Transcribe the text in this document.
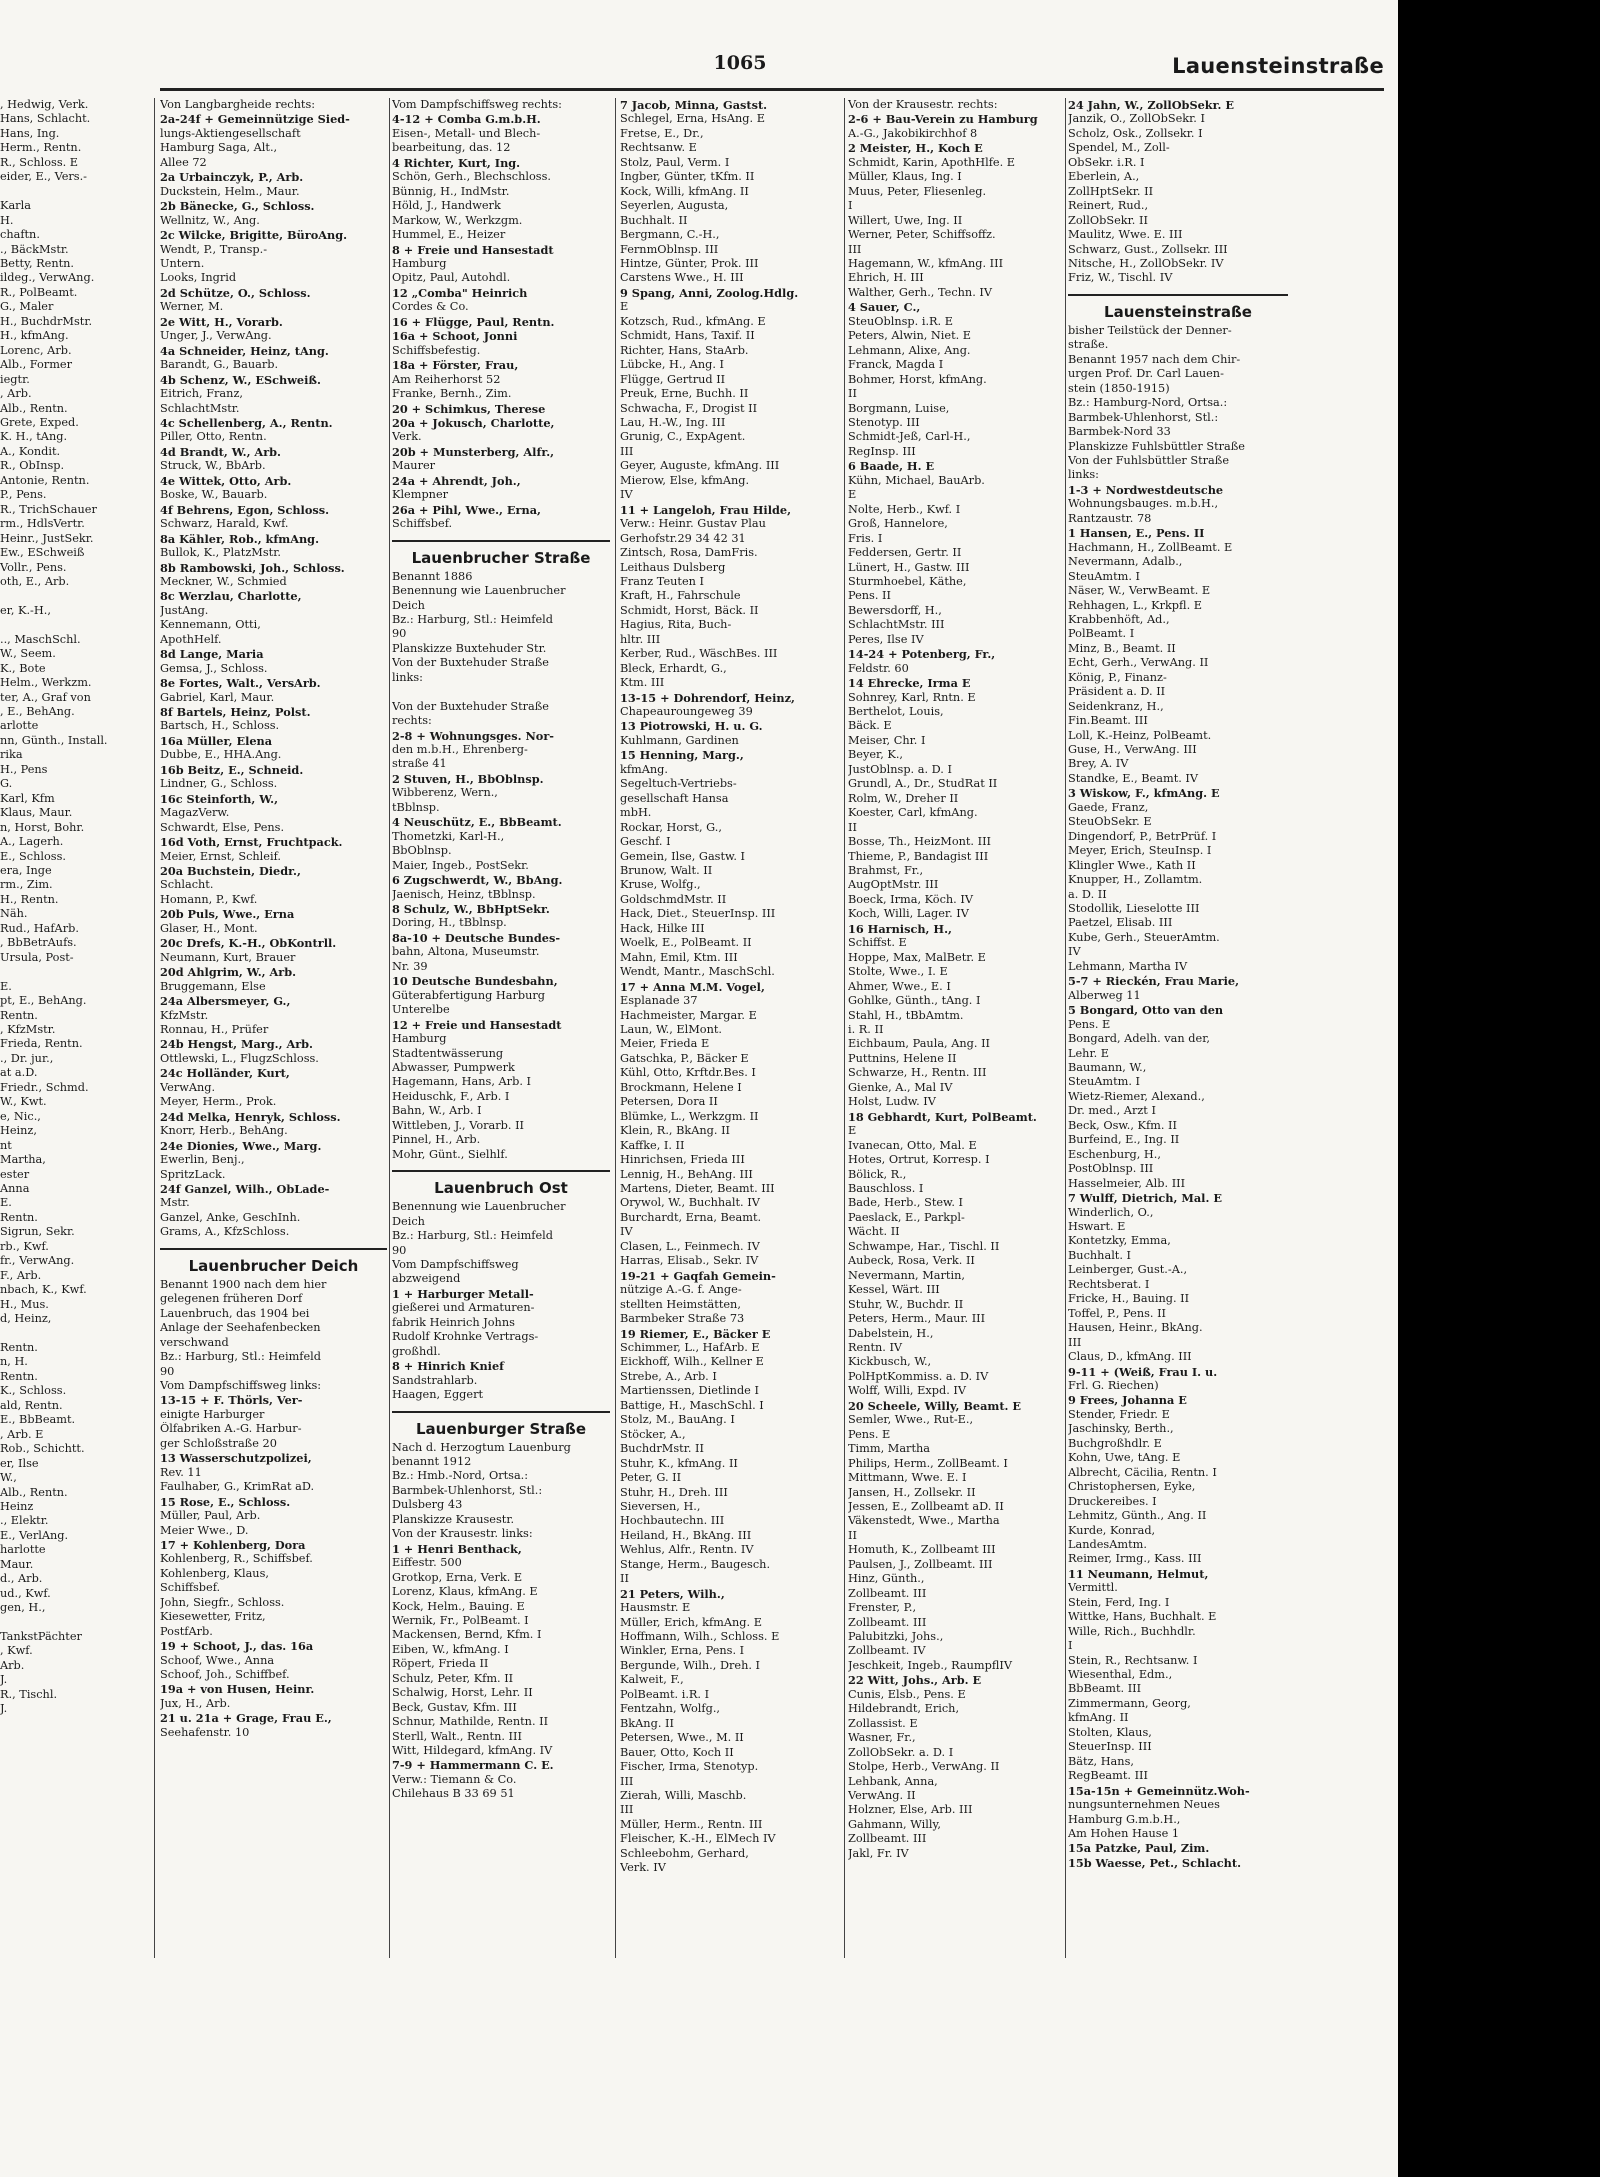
1065	Lauensteinstraße
, Hedwig, Verk.
Hans, Schlacht.
Hans, Ing.
Herm., Rentn.
R., Schloss. E
eider, E., Vers.-

Karla
H.
chaftn.
., BäckMstr.
Betty, Rentn.
ildeg., VerwAng.
R., PolBeamt.
G., Maler
H., BuchdrMstr.
H., kfmAng.
Lorenc, Arb.
Alb., Former
iegtr.
, Arb.
Alb., Rentn.
Grete, Exped.
K. H., tAng.
A., Kondit.
R., ObInsp.
Antonie, Rentn.
P., Pens.
R., TrichSchauer
rm., HdlsVertr.
Heinr., JustSekr.
Ew., ESchweiß
Vollr., Pens.
oth, E., Arb.

er, K.-H.,

.., MaschSchl.
W., Seem.
K., Bote
Helm., Werkzm.
ter, A., Graf von
, E., BehAng.
arlotte
nn, Günth., Install.
rika
H., Pens
G.
Karl, Kfm
Klaus, Maur.
n, Horst, Bohr.
A., Lagerh.
E., Schloss.
era, Inge
rm., Zim.
H., Rentn.
Näh.
Rud., HafArb.
, BbBetrAufs.
Ursula, Post-

E.
pt, E., BehAng.
Rentn.
, KfzMstr.
Frieda, Rentn.
., Dr. jur.,
at a.D.
Friedr., Schmd.
W., Kwt.
e, Nic.,
Heinz,
nt
Martha,
ester
Anna
E.
Rentn.
Sigrun, Sekr.
rb., Kwf.
fr., VerwAng.
F., Arb.
nbach, K., Kwf.
H., Mus.
d, Heinz,

Rentn.
n, H.
Rentn.
K., Schloss.
ald, Rentn.
E., BbBeamt.
, Arb. E
Rob., Schichtt.
er, Ilse
W.,
Alb., Rentn.
Heinz
., Elektr.
E., VerlAng.
harlotte
Maur.
d., Arb.
ud., Kwf.
gen, H.,

TankstPächter
, Kwf.
Arb.
J.
R., Tischl.
J.
Von Langbargheide rechts:
2a-24f + Gemeinnützige Sied-
lungs-Aktiengesellschaft
Hamburg Saga, Alt.,
Allee 72
2a Urbainczyk, P., Arb.
Duckstein, Helm., Maur.
2b Bänecke, G., Schloss.
Wellnitz, W., Ang.
2c Wilcke, Brigitte, BüroAng.
Wendt, P., Transp.-
Untern.
Looks, Ingrid
2d Schütze, O., Schloss.
Werner, M.
2e Witt, H., Vorarb.
Unger, J., VerwAng.
4a Schneider, Heinz, tAng.
Barandt, G., Bauarb.
4b Schenz, W., ESchweiß.
Eitrich, Franz,
SchlachtMstr.
4c Schellenberg, A., Rentn.
Piller, Otto, Rentn.
4d Brandt, W., Arb.
Struck, W., BbArb.
4e Wittek, Otto, Arb.
Boske, W., Bauarb.
4f Behrens, Egon, Schloss.
Schwarz, Harald, Kwf.
8a Kähler, Rob., kfmAng.
Bullok, K., PlatzMstr.
8b Rambowski, Joh., Schloss.
Meckner, W., Schmied
8c Werzlau, Charlotte,
JustAng.
Kennemann, Otti,
ApothHelf.
8d Lange, Maria
Gemsa, J., Schloss.
8e Fortes, Walt., VersArb.
Gabriel, Karl, Maur.
8f Bartels, Heinz, Polst.
Bartsch, H., Schloss.
16a Müller, Elena
Dubbe, E., HHA.Ang.
16b Beitz, E., Schneid.
Lindner, G., Schloss.
16c Steinforth, W.,
MagazVerw.
Schwardt, Else, Pens.
16d Voth, Ernst, Fruchtpack.
Meier, Ernst, Schleif.
20a Buchstein, Diedr.,
Schlacht.
Homann, P., Kwf.
20b Puls, Wwe., Erna
Glaser, H., Mont.
20c Drefs, K.-H., ObKontrll.
Neumann, Kurt, Brauer
20d Ahlgrim, W., Arb.
Bruggemann, Else
24a Albersmeyer, G.,
KfzMstr.
Ronnau, H., Prüfer
24b Hengst, Marg., Arb.
Ottlewski, L., FlugzSchloss.
24c Holländer, Kurt,
VerwAng.
Meyer, Herm., Prok.
24d Melka, Henryk, Schloss.
Knorr, Herb., BehAng.
24e Dionies, Wwe., Marg.
Ewerlin, Benj.,
SpritzLack.
24f Ganzel, Wilh., ObLade-
Mstr.
Ganzel, Anke, GeschInh.
Grams, A., KfzSchloss.
Lauenbrucher Deich
Benannt 1900 nach dem hier
gelegenen früheren Dorf
Lauenbruch, das 1904 bei
Anlage der Seehafenbecken
verschwand
Bz.: Harburg, Stl.: Heimfeld
90
Vom Dampfschiffsweg links:
13-15 + F. Thörls, Ver-
einigte Harburger
Ölfabriken A.-G. Harbur-
ger Schloßstraße 20
13 Wasserschutzpolizei,
Rev. 11
Faulhaber, G., KrimRat aD.
15 Rose, E., Schloss.
Müller, Paul, Arb.
Meier Wwe., D.
17 + Kohlenberg, Dora
Kohlenberg, R., Schiffsbef.
Kohlenberg, Klaus,
Schiffsbef.
John, Siegfr., Schloss.
Kiesewetter, Fritz,
PostfArb.
19 + Schoot, J., das. 16a
Schoof, Wwe., Anna
Schoof, Joh., Schiffbef.
19a + von Husen, Heinr.
Jux, H., Arb.
21 u. 21a + Grage, Frau E.,
Seehafenstr. 10
Vom Dampfschiffsweg rechts:
4-12 + Comba G.m.b.H.
Eisen-, Metall- und Blech-
bearbeitung, das. 12
4 Richter, Kurt, Ing.
Schön, Gerh., Blechschloss.
Bünnig, H., IndMstr.
Höld, J., Handwerk
Markow, W., Werkzgm.
Hummel, E., Heizer
8 + Freie und Hansestadt
Hamburg
Opitz, Paul, Autohdl.
12 „Comba" Heinrich
Cordes & Co.
16 + Flügge, Paul, Rentn.
16a + Schoot, Jonni
Schiffsbefestig.
18a + Förster, Frau,
Am Reiherhorst 52
Franke, Bernh., Zim.
20 + Schimkus, Therese
20a + Jokusch, Charlotte,
Verk.
20b + Munsterberg, Alfr.,
Maurer
24a + Ahrendt, Joh.,
Klempner
26a + Pihl, Wwe., Erna,
Schiffsbef.
Lauenbrucher Straße
Benannt 1886
Benennung wie Lauenbrucher
Deich
Bz.: Harburg, Stl.: Heimfeld
90
Planskizze Buxtehuder Str.
Von der Buxtehuder Straße
links:

Von der Buxtehuder Straße
rechts:
2-8 + Wohnungsges. Nor-
den m.b.H., Ehrenberg-
straße 41
2 Stuven, H., BbOblnsp.
Wibberenz, Wern.,
tBblnsp.
4 Neuschütz, E., BbBeamt.
Thometzki, Karl-H.,
BbOblnsp.
Maier, Ingeb., PostSekr.
6 Zugschwerdt, W., BbAng.
Jaenisch, Heinz, tBblnsp.
8 Schulz, W., BbHptSekr.
Doring, H., tBblnsp.
8a-10 + Deutsche Bundes-
bahn, Altona, Museumstr.
Nr. 39
10 Deutsche Bundesbahn,
Güterabfertigung Harburg
Unterelbe
12 + Freie und Hansestadt
Hamburg
Stadtentwässerung
Abwasser, Pumpwerk
Hagemann, Hans, Arb. I
Heiduschk, F., Arb. I
Bahn, W., Arb. I
Wittleben, J., Vorarb. II
Pinnel, H., Arb.
Mohr, Günt., Sielhlf.
Lauenbruch Ost
Benennung wie Lauenbrucher
Deich
Bz.: Harburg, Stl.: Heimfeld
90
Vom Dampfschiffsweg
abzweigend
1 + Harburger Metall-
gießerei und Armaturen-
fabrik Heinrich Johns
Rudolf Krohnke Vertrags-
großhdl.
8 + Hinrich Knief
Sandstrahlarb.
Haagen, Eggert
Lauenburger Straße
Nach d. Herzogtum Lauenburg
benannt 1912
Bz.: Hmb.-Nord, Ortsa.:
Barmbek-Uhlenhorst, Stl.:
Dulsberg 43
Planskizze Krausestr.
Von der Krausestr. links:
1 + Henri Benthack,
Eiffestr. 500
Grotkop, Erna, Verk. E
Lorenz, Klaus, kfmAng. E
Kock, Helm., Bauing. E
Wernik, Fr., PolBeamt. I
Mackensen, Bernd, Kfm. I
Eiben, W., kfmAng. I
Röpert, Frieda II
Schulz, Peter, Kfm. II
Schalwig, Horst, Lehr. II
Beck, Gustav, Kfm. III
Schnur, Mathilde, Rentn. II
Sterll, Walt., Rentn. III
Witt, Hildegard, kfmAng. IV
7-9 + Hammermann C. E.
Verw.: Tiemann & Co.
Chilehaus B 33 69 51
7 Jacob, Minna, Gastst.
Schlegel, Erna, HsAng. E
Fretse, E., Dr.,
Rechtsanw. E
Stolz, Paul, Verm. I
Ingber, Günter, tKfm. II
Kock, Willi, kfmAng. II
Seyerlen, Augusta,
Buchhalt. II
Bergmann, C.-H.,
FernmOblnsp. III
Hintze, Günter, Prok. III
Carstens Wwe., H. III
9 Spang, Anni, Zoolog.Hdlg.
E
Kotzsch, Rud., kfmAng. E
Schmidt, Hans, Taxif. II
Richter, Hans, StaArb.
Lübcke, H., Ang. I
Flügge, Gertrud II
Preuk, Erne, Buchh. II
Schwacha, F., Drogist II
Lau, H.-W., Ing. III
Grunig, C., ExpAgent.
III
Geyer, Auguste, kfmAng. III
Mierow, Else, kfmAng.
IV
11 + Langeloh, Frau Hilde,
Verw.: Heinr. Gustav Plau
Gerhofstr.29 34 42 31
Zintsch, Rosa, DamFris.
Leithaus Dulsberg
Franz Teuten I
Kraft, H., Fahrschule
Schmidt, Horst, Bäck. II
Hagius, Rita, Buch-
hltr. III
Kerber, Rud., WäschBes. III
Bleck, Erhardt, G.,
Ktm. III
13-15 + Dohrendorf, Heinz,
Chapeauroungeweg 39
13 Piotrowski, H. u. G.
Kuhlmann, Gardinen
15 Henning, Marg.,
kfmAng.
Segeltuch-Vertriebs-
gesellschaft Hansa
mbH.
Rockar, Horst, G.,
Geschf. I
Gemein, Ilse, Gastw. I
Brunow, Walt. II
Kruse, Wolfg.,
GoldschmdMstr. II
Hack, Diet., SteuerInsp. III
Hack, Hilke III
Woelk, E., PolBeamt. II
Mahn, Emil, Ktm. III
Wendt, Mantr., MaschSchl.
17 + Anna M.M. Vogel,
Esplanade 37
Hachmeister, Margar. E
Laun, W., ElMont.
Meier, Frieda E
Gatschka, P., Bäcker E
Kühl, Otto, Krftdr.Bes. I
Brockmann, Helene I
Petersen, Dora II
Blümke, L., Werkzgm. II
Klein, R., BkAng. II
Kaffke, I. II
Hinrichsen, Frieda III
Lennig, H., BehAng. III
Martens, Dieter, Beamt. III
Orywol, W., Buchhalt. IV
Burchardt, Erna, Beamt.
IV
Clasen, L., Feinmech. IV
Harras, Elisab., Sekr. IV
19-21 + Gaqfah Gemein-
nützige A.-G. f. Ange-
stellten Heimstätten,
Barmbeker Straße 73
19 Riemer, E., Bäcker E
Schimmer, L., HafArb. E
Eickhoff, Wilh., Kellner E
Strebe, A., Arb. I
Martienssen, Dietlinde I
Battige, H., MaschSchl. I
Stolz, M., BauAng. I
Stöcker, A.,
BuchdrMstr. II
Stuhr, K., kfmAng. II
Peter, G. II
Stuhr, H., Dreh. III
Sieversen, H.,
Hochbautechn. III
Heiland, H., BkAng. III
Wehlus, Alfr., Rentn. IV
Stange, Herm., Baugesch.
II
21 Peters, Wilh.,
Hausmstr. E
Müller, Erich, kfmAng. E
Hoffmann, Wilh., Schloss. E
Winkler, Erna, Pens. I
Bergunde, Wilh., Dreh. I
Kalweit, F.,
PolBeamt. i.R. I
Fentzahn, Wolfg.,
BkAng. II
Petersen, Wwe., M. II
Bauer, Otto, Koch II
Fischer, Irma, Stenotyp.
III
Zierah, Willi, Maschb.
III
Müller, Herm., Rentn. III
Fleischer, K.-H., ElMech IV
Schleebohm, Gerhard,
Verk. IV
Von der Krausestr. rechts:
2-6 + Bau-Verein zu Hamburg
A.-G., Jakobikirchhof 8
2 Meister, H., Koch E
Schmidt, Karin, ApothHlfe. E
Müller, Klaus, Ing. I
Muus, Peter, Fliesenleg.
I
Willert, Uwe, Ing. II
Werner, Peter, Schiffsoffz.
III
Hagemann, W., kfmAng. III
Ehrich, H. III
Walther, Gerh., Techn. IV
4 Sauer, C.,
SteuOblnsp. i.R. E
Peters, Alwin, Niet. E
Lehmann, Alixe, Ang.
Franck, Magda I
Bohmer, Horst, kfmAng.
II
Borgmann, Luise,
Stenotyp. III
Schmidt-Jeß, Carl-H.,
RegInsp. III
6 Baade, H. E
Kühn, Michael, BauArb.
E
Nolte, Herb., Kwf. I
Groß, Hannelore,
Fris. I
Feddersen, Gertr. II
Lünert, H., Gastw. III
Sturmhoebel, Käthe,
Pens. II
Bewersdorff, H.,
SchlachtMstr. III
Peres, Ilse IV
14-24 + Potenberg, Fr.,
Feldstr. 60
14 Ehrecke, Irma E
Sohnrey, Karl, Rntn. E
Berthelot, Louis,
Bäck. E
Meiser, Chr. I
Beyer, K.,
JustOblnsp. a. D. I
Grundl, A., Dr., StudRat II
Rolm, W., Dreher II
Koester, Carl, kfmAng.
II
Bosse, Th., HeizMont. III
Thieme, P., Bandagist III
Brahmst, Fr.,
AugOptMstr. III
Boeck, Irma, Köch. IV
Koch, Willi, Lager. IV
16 Harnisch, H.,
Schiffst. E
Hoppe, Max, MalBetr. E
Stolte, Wwe., I. E
Ahmer, Wwe., E. I
Gohlke, Günth., tAng. I
Stahl, H., tBbAmtm.
i. R. II
Eichbaum, Paula, Ang. II
Puttnins, Helene II
Schwarze, H., Rentn. III
Gienke, A., Mal IV
Holst, Ludw. IV
18 Gebhardt, Kurt, PolBeamt.
E
Ivanecan, Otto, Mal. E
Hotes, Ortrut, Korresp. I
Bölick, R.,
Bauschloss. I
Bade, Herb., Stew. I
Paeslack, E., Parkpl-
Wächt. II
Schwampe, Har., Tischl. II
Aubeck, Rosa, Verk. II
Nevermann, Martin,
Kessel, Wärt. III
Stuhr, W., Buchdr. II
Peters, Herm., Maur. III
Dabelstein, H.,
Rentn. IV
Kickbusch, W.,
PolHptKommiss. a. D. IV
Wolff, Willi, Expd. IV
20 Scheele, Willy, Beamt. E
Semler, Wwe., Rut-E.,
Pens. E
Timm, Martha
Philips, Herm., ZollBeamt. I
Mittmann, Wwe. E. I
Jansen, H., Zollsekr. II
Jessen, E., Zollbeamt aD. II
Väkenstedt, Wwe., Martha
II
Homuth, K., Zollbeamt III
Paulsen, J., Zollbeamt. III
Hinz, Günth.,
Zollbeamt. III
Frenster, P.,
Zollbeamt. III
Palubitzki, Johs.,
Zollbeamt. IV
Jeschkeit, Ingeb., RaumpflIV
22 Witt, Johs., Arb. E
Cunis, Elsb., Pens. E
Hildebrandt, Erich,
Zollassist. E
Wasner, Fr.,
ZollObSekr. a. D. I
Stolpe, Herb., VerwAng. II
Lehbank, Anna,
VerwAng. II
Holzner, Else, Arb. III
Gahmann, Willy,
Zollbeamt. III
Jakl, Fr. IV
24 Jahn, W., ZollObSekr. E
Janzik, O., ZollObSekr. I
Scholz, Osk., Zollsekr. I
Spendel, M., Zoll-
ObSekr. i.R. I
Eberlein, A.,
ZollHptSekr. II
Reinert, Rud.,
ZollObSekr. II
Maulitz, Wwe. E. III
Schwarz, Gust., Zollsekr. III
Nitsche, H., ZollObSekr. IV
Friz, W., Tischl. IV
Lauensteinstraße
bisher Teilstück der Denner-
straße.
Benannt 1957 nach dem Chir-
urgen Prof. Dr. Carl Lauen-
stein (1850-1915)
Bz.: Hamburg-Nord, Ortsa.:
Barmbek-Uhlenhorst, Stl.:
Barmbek-Nord 33
Planskizze Fuhlsbüttler Straße
Von der Fuhlsbüttler Straße
links:
1-3 + Nordwestdeutsche
Wohnungsbauges. m.b.H.,
Rantzaustr. 78
1 Hansen, E., Pens. II
Hachmann, H., ZollBeamt. E
Nevermann, Adalb.,
SteuAmtm. I
Näser, W., VerwBeamt. E
Rehhagen, L., Krkpfl. E
Krabbenhöft, Ad.,
PolBeamt. I
Minz, B., Beamt. II
Echt, Gerh., VerwAng. II
König, P., Finanz-
Präsident a. D. II
Seidenkranz, H.,
Fin.Beamt. III
Loll, K.-Heinz, PolBeamt.
Guse, H., VerwAng. III
Brey, A. IV
Standke, E., Beamt. IV
3 Wiskow, F., kfmAng. E
Gaede, Franz,
SteuObSekr. E
Dingendorf, P., BetrPrüf. I
Meyer, Erich, SteuInsp. I
Klingler Wwe., Kath II
Knupper, H., Zollamtm.
a. D. II
Stodollik, Lieselotte III
Paetzel, Elisab. III
Kube, Gerh., SteuerAmtm.
IV
Lehmann, Martha IV
5-7 + Rieckén, Frau Marie,
Alberweg 11
5 Bongard, Otto van den
Pens. E
Bongard, Adelh. van der,
Lehr. E
Baumann, W.,
SteuAmtm. I
Wietz-Riemer, Alexand.,
Dr. med., Arzt I
Beck, Osw., Kfm. II
Burfeind, E., Ing. II
Eschenburg, H.,
PostOblnsp. III
Hasselmeier, Alb. III
7 Wulff, Dietrich, Mal. E
Winderlich, O.,
Hswart. E
Kontetzky, Emma,
Buchhalt. I
Leinberger, Gust.-A.,
Rechtsberat. I
Fricke, H., Bauing. II
Toffel, P., Pens. II
Hausen, Heinr., BkAng.
III
Claus, D., kfmAng. III
9-11 + (Weiß, Frau I. u.
Frl. G. Riechen)
9 Frees, Johanna E
Stender, Friedr. E
Jaschinsky, Berth.,
Buchgroßhdlr. E
Kohn, Uwe, tAng. E
Albrecht, Cäcilia, Rentn. I
Christophersen, Eyke,
Druckereibes. I
Lehmitz, Günth., Ang. II
Kurde, Konrad,
LandesAmtm.
Reimer, Irmg., Kass. III
11 Neumann, Helmut,
Vermittl.
Stein, Ferd, Ing. I
Wittke, Hans, Buchhalt. E
Wille, Rich., Buchhdlr.
I
Stein, R., Rechtsanw. I
Wiesenthal, Edm.,
BbBeamt. III
Zimmermann, Georg,
kfmAng. II
Stolten, Klaus,
SteuerInsp. III
Bätz, Hans,
RegBeamt. III
15a-15n + Gemeinnütz.Woh-
nungsunternehmen Neues
Hamburg G.m.b.H.,
Am Hohen Hause 1
15a Patzke, Paul, Zim.
15b Waesse, Pet., Schlacht.
